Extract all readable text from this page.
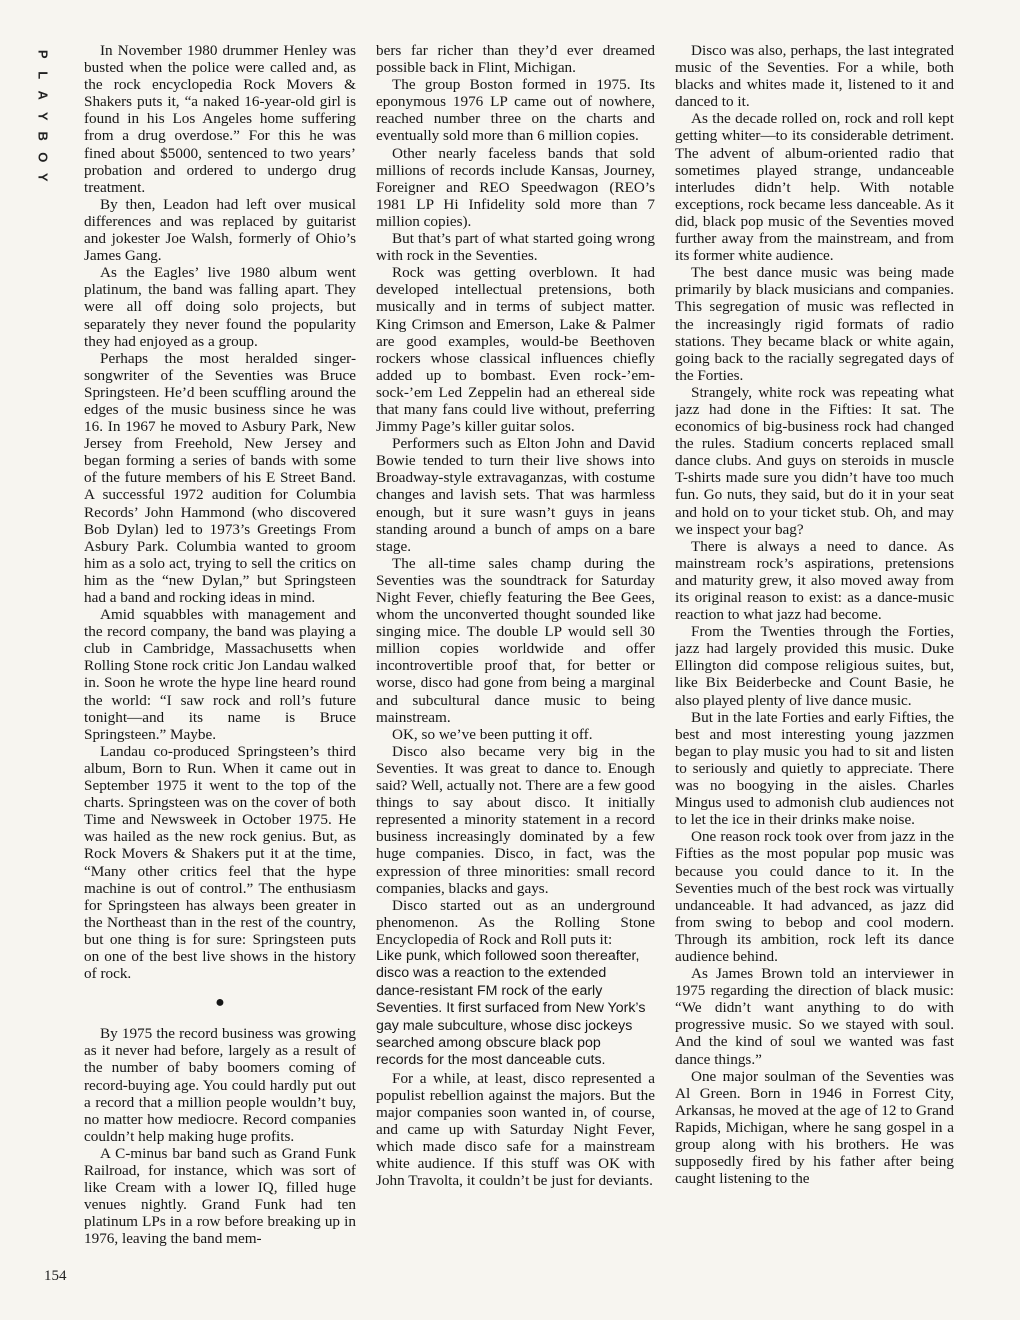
P
L
A
Y
B
O
Y
154

In November 1980 drummer Henley was busted when the police were called and, as the rock encyclopedia Rock Movers & Shakers puts it, “a naked 16-year-old girl is found in his Los Angeles home suffering from a drug overdose.” For this he was fined about $5000, sentenced to two years’ probation and ordered to undergo drug treatment.

By then, Leadon had left over musical differences and was replaced by guitarist and jokester Joe Walsh, formerly of Ohio’s James Gang.

As the Eagles’ live 1980 album went platinum, the band was falling apart. They were all off doing solo projects, but separately they never found the popularity they had enjoyed as a group.

Perhaps the most heralded singer-songwriter of the Seventies was Bruce Springsteen. He’d been scuffling around the edges of the music business since he was 16. In 1967 he moved to Asbury Park, New Jersey from Freehold, New Jersey and began forming a series of bands with some of the future members of his E Street Band. A successful 1972 audition for Columbia Records’ John Hammond (who discovered Bob Dylan) led to 1973’s Greetings From Asbury Park. Columbia wanted to groom him as a solo act, trying to sell the critics on him as the “new Dylan,” but Springsteen had a band and rocking ideas in mind.

Amid squabbles with management and the record company, the band was playing a club in Cambridge, Massachusetts when Rolling Stone rock critic Jon Landau walked in. Soon he wrote the hype line heard round the world: “I saw rock and roll’s future tonight—and its name is Bruce Springsteen.” Maybe.

Landau co-produced Springsteen’s third album, Born to Run. When it came out in September 1975 it went to the top of the charts. Springsteen was on the cover of both Time and Newsweek in October 1975. He was hailed as the new rock genius. But, as Rock Movers & Shakers put it at the time, “Many other critics feel that the hype machine is out of control.” The enthusiasm for Springsteen has always been greater in the Northeast than in the rest of the country, but one thing is for sure: Springsteen puts on one of the best live shows in the history of rock.

●

By 1975 the record business was growing as it never had before, largely as a result of the number of baby boomers coming of record-buying age. You could hardly put out a record that a million people wouldn’t buy, no matter how mediocre. Record companies couldn’t help making huge profits.

A C-minus bar band such as Grand Funk Railroad, for instance, which was sort of like Cream with a lower IQ, filled huge venues nightly. Grand Funk had ten platinum LPs in a row before breaking up in 1976, leaving the band mem-

bers far richer than they’d ever dreamed possible back in Flint, Michigan.

The group Boston formed in 1975. Its eponymous 1976 LP came out of nowhere, reached number three on the charts and eventually sold more than 6 million copies.

Other nearly faceless bands that sold millions of records include Kansas, Journey, Foreigner and REO Speedwagon (REO’s 1981 LP Hi Infidelity sold more than 7 million copies).

But that’s part of what started going wrong with rock in the Seventies.

Rock was getting overblown. It had developed intellectual pretensions, both musically and in terms of subject matter. King Crimson and Emerson, Lake & Palmer are good examples, would-be Beethoven rockers whose classical influences chiefly added up to bombast. Even rock-’em-sock-’em Led Zeppelin had an ethereal side that many fans could live without, preferring Jimmy Page’s killer guitar solos.

Performers such as Elton John and David Bowie tended to turn their live shows into Broadway-style extravaganzas, with costume changes and lavish sets. That was harmless enough, but it sure wasn’t guys in jeans standing around a bunch of amps on a bare stage.

The all-time sales champ during the Seventies was the soundtrack for Saturday Night Fever, chiefly featuring the Bee Gees, whom the unconverted thought sounded like singing mice. The double LP would sell 30 million copies worldwide and offer incontrovertible proof that, for better or worse, disco had gone from being a marginal and subcultural dance music to being mainstream.

OK, so we’ve been putting it off.

Disco also became very big in the Seventies. It was great to dance to. Enough said? Well, actually not. There are a few good things to say about disco. It initially represented a minority statement in a record business increasingly dominated by a few huge companies. Disco, in fact, was the expression of three minorities: small record companies, blacks and gays.

Disco started out as an underground phenomenon. As the Rolling Stone Encyclopedia of Rock and Roll puts it:

Like punk, which followed soon thereafter, disco was a reaction to the extended dance-resistant FM rock of the early Seventies. It first surfaced from New York’s gay male subculture, whose disc jockeys searched among obscure black pop records for the most danceable cuts.

For a while, at least, disco represented a populist rebellion against the majors. But the major companies soon wanted in, of course, and came up with Saturday Night Fever, which made disco safe for a mainstream white audience. If this stuff was OK with John Travolta, it couldn’t be just for deviants.

Disco was also, perhaps, the last integrated music of the Seventies. For a while, both blacks and whites made it, listened to it and danced to it.

As the decade rolled on, rock and roll kept getting whiter—to its considerable detriment. The advent of album-oriented radio that sometimes played strange, undanceable interludes didn’t help. With notable exceptions, rock became less danceable. As it did, black pop music of the Seventies moved further away from the mainstream, and from its former white audience.

The best dance music was being made primarily by black musicians and companies. This segregation of music was reflected in the increasingly rigid formats of radio stations. They became black or white again, going back to the racially segregated days of the Forties.

Strangely, white rock was repeating what jazz had done in the Fifties: It sat. The economics of big-business rock had changed the rules. Stadium concerts replaced small dance clubs. And guys on steroids in muscle T-shirts made sure you didn’t have too much fun. Go nuts, they said, but do it in your seat and hold on to your ticket stub. Oh, and may we inspect your bag?

There is always a need to dance. As mainstream rock’s aspirations, pretensions and maturity grew, it also moved away from its original reason to exist: as a dance-music reaction to what jazz had become.

From the Twenties through the Forties, jazz had largely provided this music. Duke Ellington did compose religious suites, but, like Bix Beiderbecke and Count Basie, he also played plenty of live dance music.

But in the late Forties and early Fifties, the best and most interesting young jazzmen began to play music you had to sit and listen to seriously and quietly to appreciate. There was no boogying in the aisles. Charles Mingus used to admonish club audiences not to let the ice in their drinks make noise.

One reason rock took over from jazz in the Fifties as the most popular pop music was because you could dance to it. In the Seventies much of the best rock was virtually undanceable. It had advanced, as jazz did from swing to bebop and cool modern. Through its ambition, rock left its dance audience behind.

As James Brown told an interviewer in 1975 regarding the direction of black music: “We didn’t want anything to do with progressive music. So we stayed with soul. And the kind of soul we wanted was fast dance things.”

One major soulman of the Seventies was Al Green. Born in 1946 in Forrest City, Arkansas, he moved at the age of 12 to Grand Rapids, Michigan, where he sang gospel in a group along with his brothers. He was supposedly fired by his father after being caught listening to the
